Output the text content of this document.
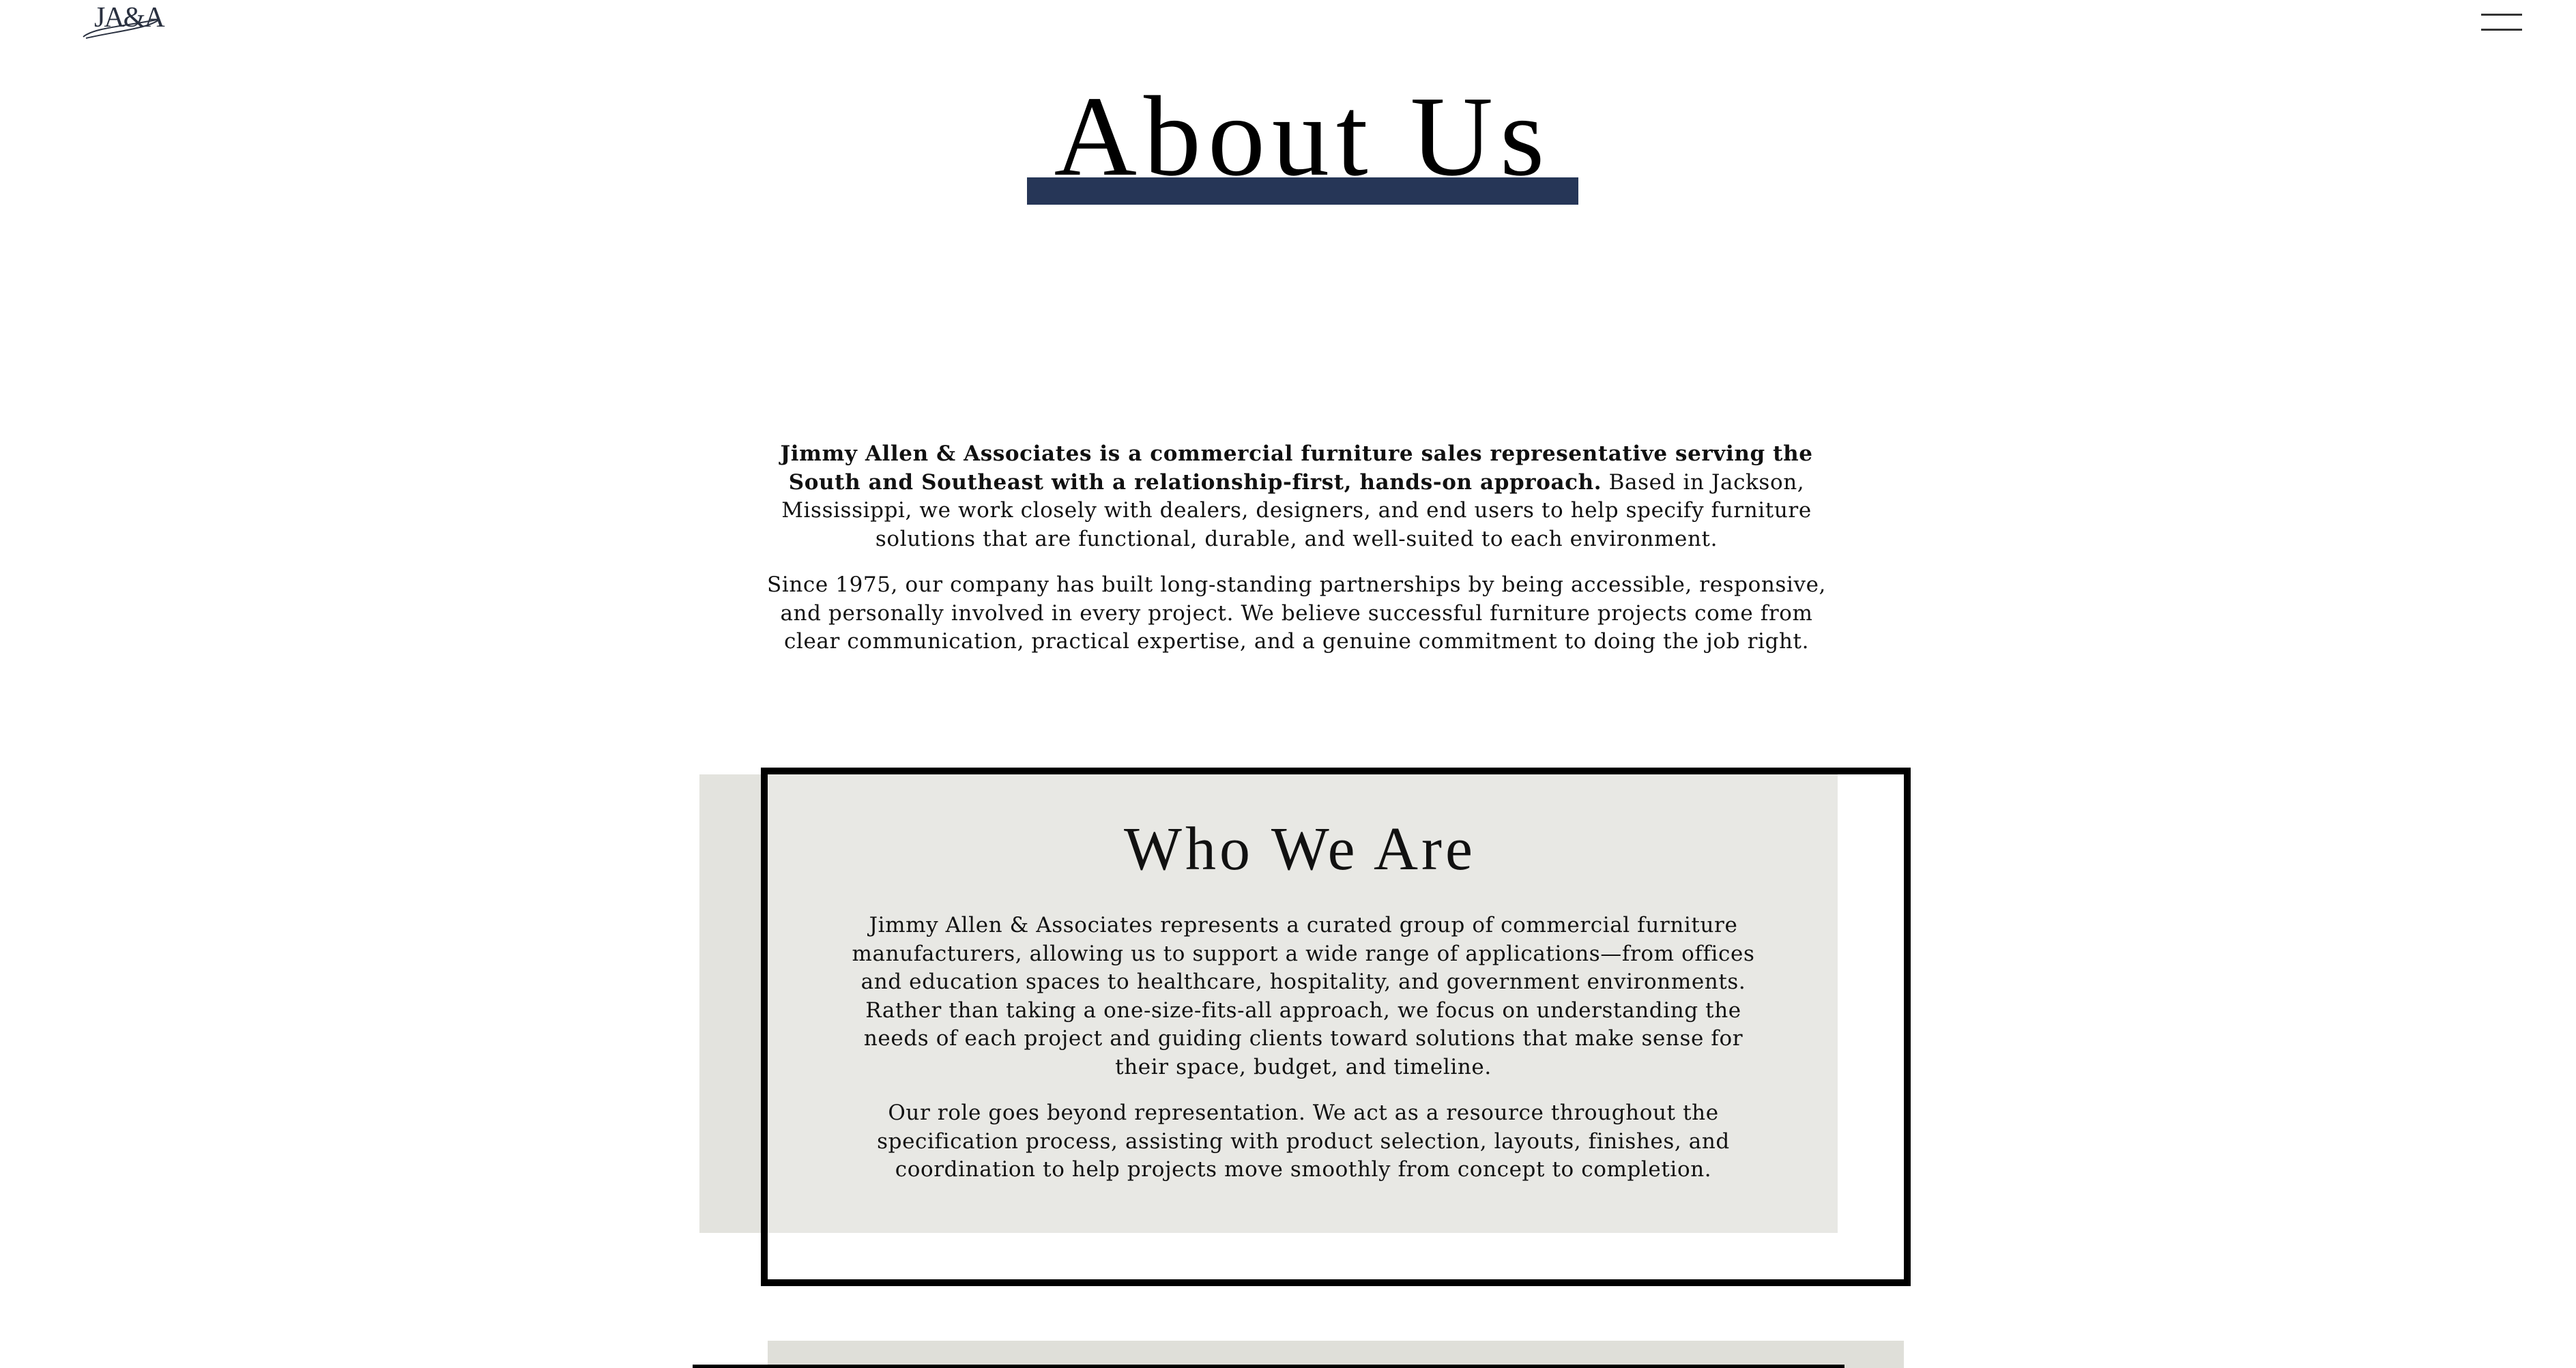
JA&A
About Us

Jimmy Allen & Associates is a commercial furniture sales representative serving the South and Southeast with a relationship-first, hands-on approach. Based in Jackson, Mississippi, we work closely with dealers, designers, and end users to help specify furniture solutions that are functional, durable, and well-suited to each environment.

Since 1975, our company has built long-standing partnerships by being accessible, responsive, and personally involved in every project. We believe successful furniture projects come from clear communication, practical expertise, and a genuine commitment to doing the job right.

Who We Are

Jimmy Allen & Associates represents a curated group of commercial furniture manufacturers, allowing us to support a wide range of applications—from offices and education spaces to healthcare, hospitality, and government environments. Rather than taking a one-size-fits-all approach, we focus on understanding the needs of each project and guiding clients toward solutions that make sense for their space, budget, and timeline.

Our role goes beyond representation. We act as a resource throughout the specification process, assisting with product selection, layouts, finishes, and coordination to help projects move smoothly from concept to completion.
